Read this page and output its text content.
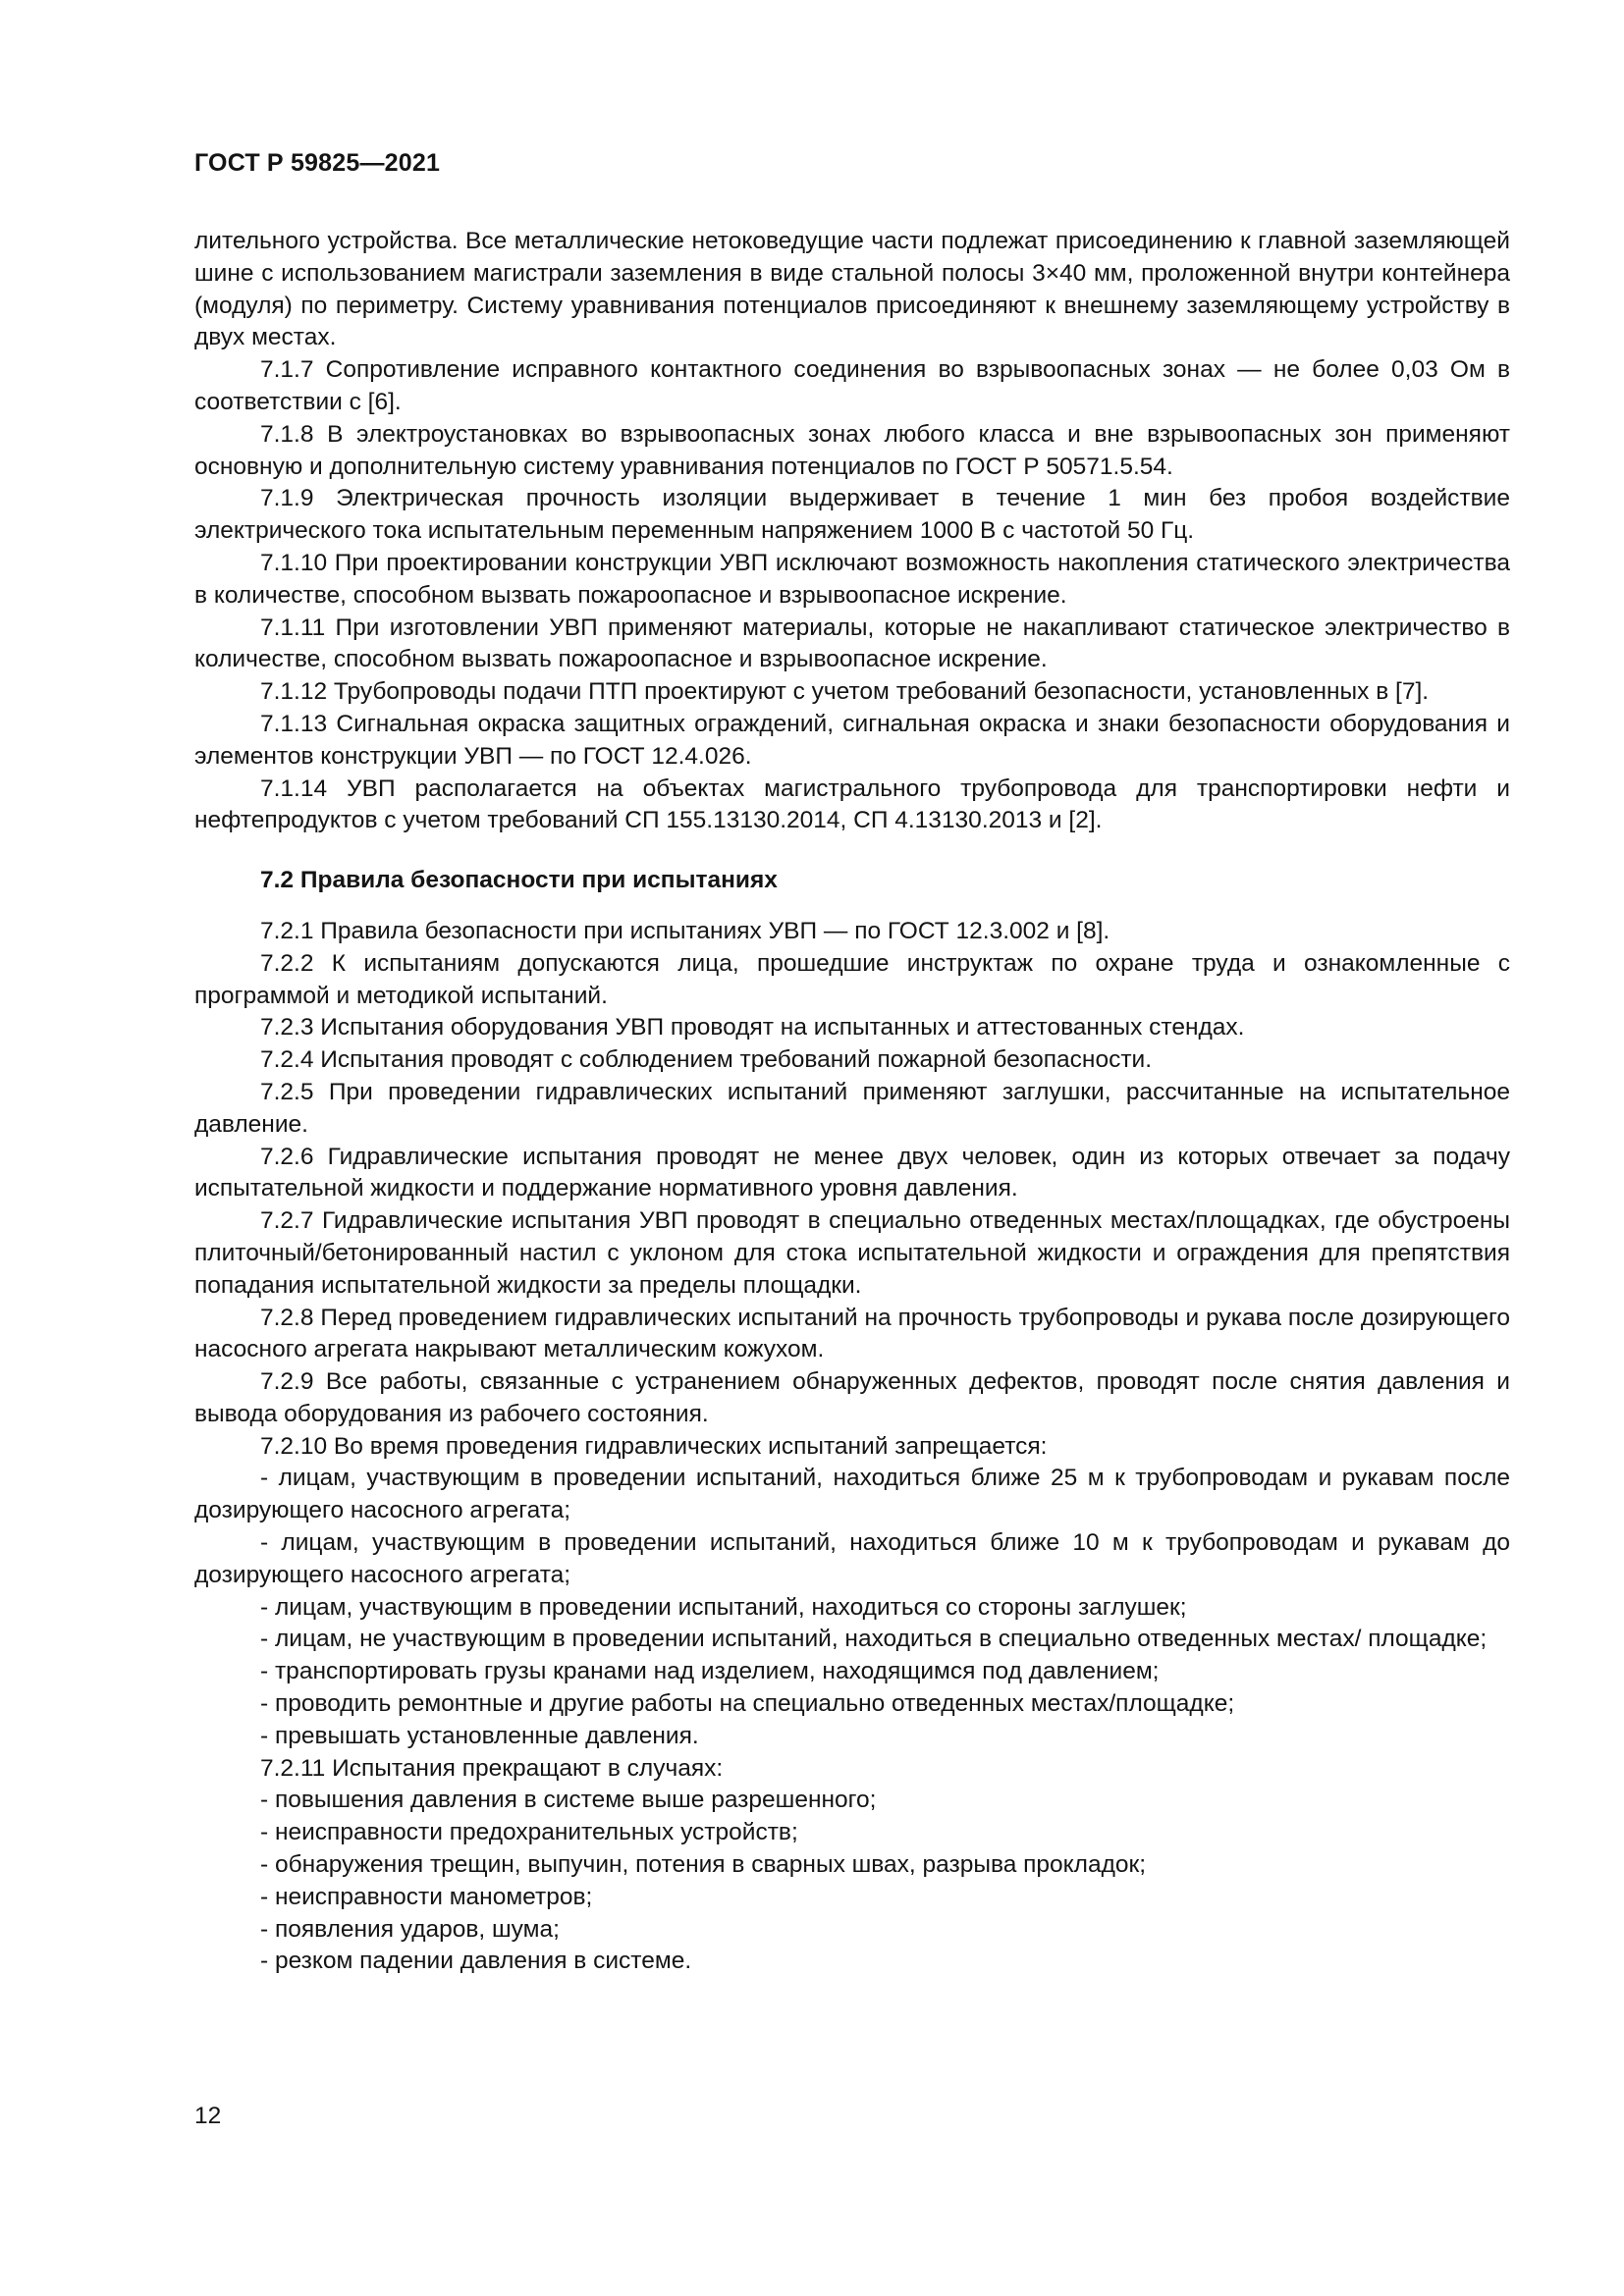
ГОСТ Р 59825—2021

лительного устройства. Все металлические нетоковедущие части подлежат присоединению к главной заземляющей шине с использованием магистрали заземления в виде стальной полосы 3×40 мм, проложенной внутри контейнера (модуля) по периметру. Систему уравнивания потенциалов присоединяют к внешнему заземляющему устройству в двух местах.

7.1.7 Сопротивление исправного контактного соединения во взрывоопасных зонах — не более 0,03 Ом в соответствии с [6].

7.1.8 В электроустановках во взрывоопасных зонах любого класса и вне взрывоопасных зон применяют основную и дополнительную систему уравнивания потенциалов по ГОСТ Р 50571.5.54.

7.1.9 Электрическая прочность изоляции выдерживает в течение 1 мин без пробоя воздействие электрического тока испытательным переменным напряжением 1000 В с частотой 50 Гц.

7.1.10 При проектировании конструкции УВП исключают возможность накопления статического электричества в количестве, способном вызвать пожароопасное и взрывоопасное искрение.

7.1.11 При изготовлении УВП применяют материалы, которые не накапливают статическое электричество в количестве, способном вызвать пожароопасное и взрывоопасное искрение.

7.1.12 Трубопроводы подачи ПТП проектируют с учетом требований безопасности, установленных в [7].

7.1.13 Сигнальная окраска защитных ограждений, сигнальная окраска и знаки безопасности оборудования и элементов конструкции УВП — по ГОСТ 12.4.026.

7.1.14 УВП располагается на объектах магистрального трубопровода для транспортировки нефти и нефтепродуктов с учетом требований СП 155.13130.2014, СП 4.13130.2013 и [2].

7.2 Правила безопасности при испытаниях

7.2.1 Правила безопасности при испытаниях УВП — по ГОСТ 12.3.002 и [8].

7.2.2 К испытаниям допускаются лица, прошедшие инструктаж по охране труда и ознакомленные с программой и методикой испытаний.

7.2.3 Испытания оборудования УВП проводят на испытанных и аттестованных стендах.

7.2.4 Испытания проводят с соблюдением требований пожарной безопасности.

7.2.5 При проведении гидравлических испытаний применяют заглушки, рассчитанные на испытательное давление.

7.2.6 Гидравлические испытания проводят не менее двух человек, один из которых отвечает за подачу испытательной жидкости и поддержание нормативного уровня давления.

7.2.7 Гидравлические испытания УВП проводят в специально отведенных местах/площадках, где обустроены плиточный/бетонированный настил с уклоном для стока испытательной жидкости и ограждения для препятствия попадания испытательной жидкости за пределы площадки.

7.2.8 Перед проведением гидравлических испытаний на прочность трубопроводы и рукава после дозирующего насосного агрегата накрывают металлическим кожухом.

7.2.9 Все работы, связанные с устранением обнаруженных дефектов, проводят после снятия давления и вывода оборудования из рабочего состояния.

7.2.10 Во время проведения гидравлических испытаний запрещается:

- лицам, участвующим в проведении испытаний, находиться ближе 25 м к трубопроводам и рукавам после дозирующего насосного агрегата;

- лицам, участвующим в проведении испытаний, находиться ближе 10 м к трубопроводам и рукавам до дозирующего насосного агрегата;

- лицам, участвующим в проведении испытаний, находиться со стороны заглушек;

- лицам, не участвующим в проведении испытаний, находиться в специально отведенных местах/ площадке;

- транспортировать грузы кранами над изделием, находящимся под давлением;

- проводить ремонтные и другие работы на специально отведенных местах/площадке;

- превышать установленные давления.

7.2.11 Испытания прекращают в случаях:

- повышения давления в системе выше разрешенного;

- неисправности предохранительных устройств;

- обнаружения трещин, выпучин, потения в сварных швах, разрыва прокладок;

- неисправности манометров;

- появления ударов, шума;

- резком падении давления в системе.

12
